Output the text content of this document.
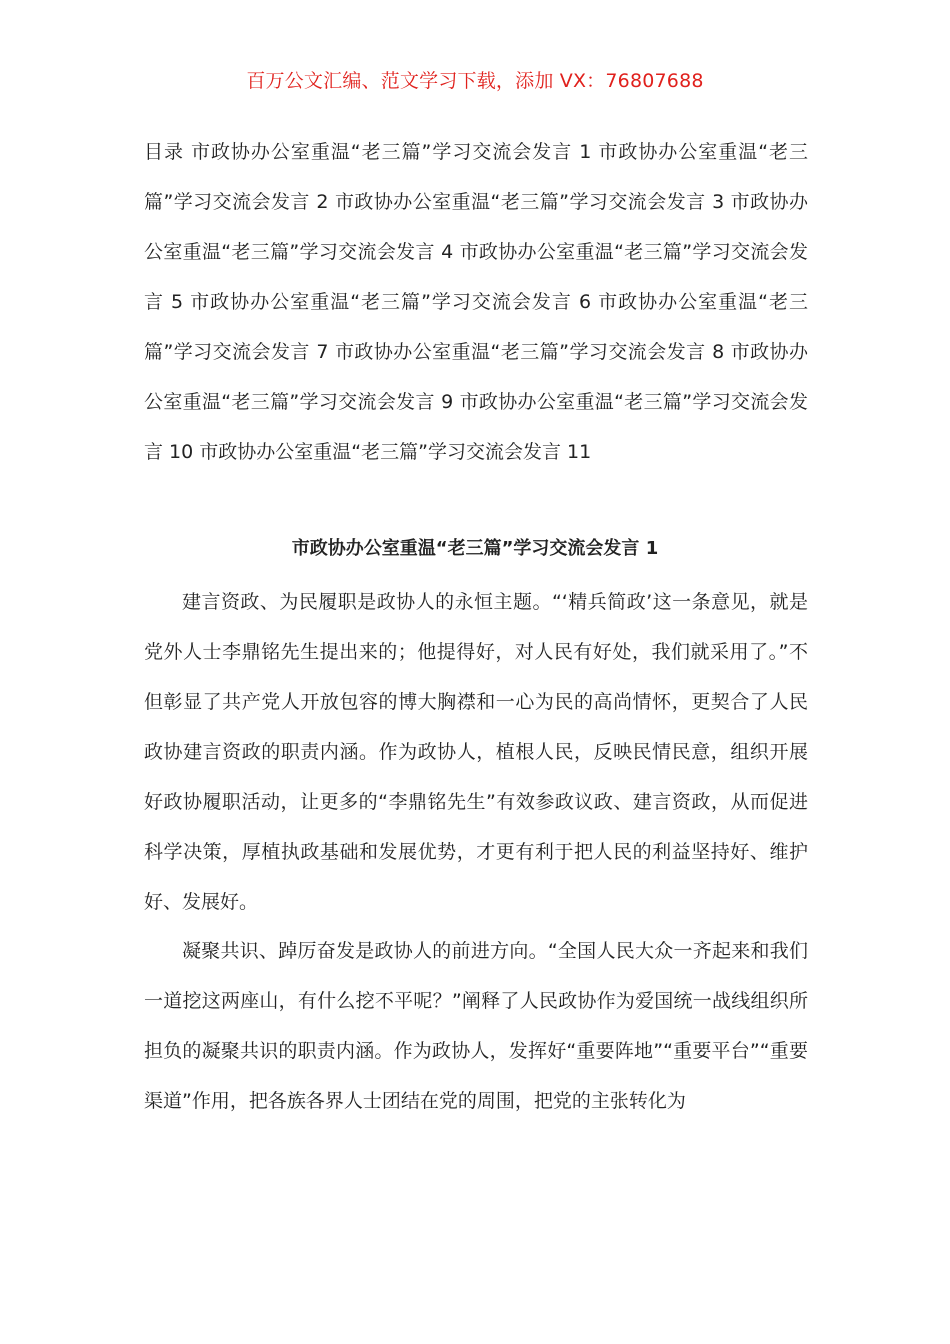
百万公文汇编、范文学习下载，添加 VX：76807688

目录 市政协办公室重温“老三篇”学习交流会发言 1 市政协办公室重温“老三篇”学习交流会发言 2 市政协办公室重温“老三篇”学习交流会发言 3 市政协办公室重温“老三篇”学习交流会发言 4 市政协办公室重温“老三篇”学习交流会发言 5 市政协办公室重温“老三篇”学习交流会发言 6 市政协办公室重温“老三篇”学习交流会发言 7 市政协办公室重温“老三篇”学习交流会发言 8 市政协办公室重温“老三篇”学习交流会发言 9 市政协办公室重温“老三篇”学习交流会发言 10 市政协办公室重温“老三篇”学习交流会发言 11

市政协办公室重温“老三篇”学习交流会发言 1

建言资政、为民履职是政协人的永恒主题。“‘精兵简政’这一条意见，就是党外人士李鼎铭先生提出来的；他提得好，对人民有好处，我们就采用了。”不但彰显了共产党人开放包容的博大胸襟和一心为民的高尚情怀，更契合了人民政协建言资政的职责内涵。作为政协人，植根人民，反映民情民意，组织开展好政协履职活动，让更多的“李鼎铭先生”有效参政议政、建言资政，从而促进科学决策，厚植执政基础和发展优势，才更有利于把人民的利益坚持好、维护好、发展好。

凝聚共识、踔厉奋发是政协人的前进方向。“全国人民大众一齐起来和我们一道挖这两座山，有什么挖不平呢？”阐释了人民政协作为爱国统一战线组织所担负的凝聚共识的职责内涵。作为政协人，发挥好“重要阵地”“重要平台”“重要渠道”作用，把各族各界人士团结在党的周围，把党的主张转化为
